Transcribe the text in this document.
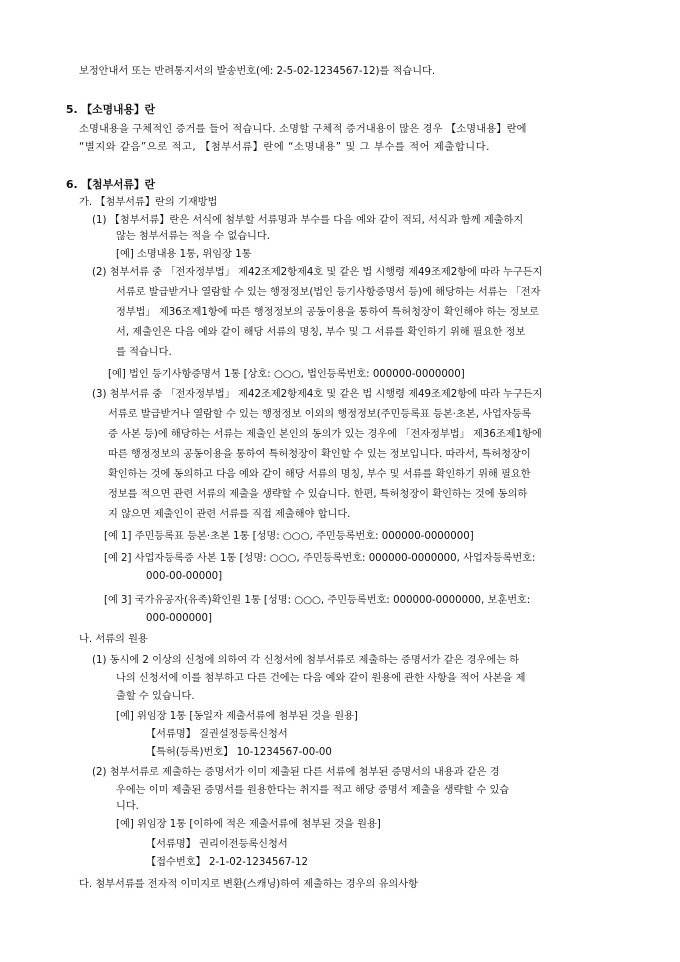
보정안내서 또는 반려통지서의 발송번호(예: 2-5-02-1234567-12)를 적습니다.
5. 【소명내용】란
소명내용을 구체적인 증거를 들어 적습니다. 소명할 구체적 증거내용이 많은 경우 【소명내용】란에
“별지와 같음”으로 적고, 【첨부서류】란에 “소명내용” 및 그 부수를 적어 제출합니다.
6. 【첨부서류】란
가. 【첨부서류】란의 기재방법
(1) 【첨부서류】란은 서식에 첨부할 서류명과 부수를 다음 예와 같이 적되, 서식과 함께 제출하지
않는 첨부서류는 적을 수 없습니다.
[예] 소명내용 1통, 위임장 1통
(2) 첨부서류 중 「전자정부법」 제42조제2항제4호 및 같은 법 시행령 제49조제2항에 따라 누구든지
서류로 발급받거나 열람할 수 있는 행정정보(법인 등기사항증명서 등)에 해당하는 서류는 「전자
정부법」 제36조제1항에 따른 행정정보의 공동이용을 통하여 특허청장이 확인해야 하는 정보로
서, 제출인은 다음 예와 같이 해당 서류의 명칭, 부수 및 그 서류를 확인하기 위해 필요한 정보
를 적습니다.
[예] 법인 등기사항증명서 1통 [상호: ○○○, 법인등록번호: 000000-0000000]
(3) 첨부서류 중 「전자정부법」 제42조제2항제4호 및 같은 법 시행령 제49조제2항에 따라 누구든지
서류로 발급받거나 열람할 수 있는 행정정보 이외의 행정정보(주민등록표 등본·초본, 사업자등록
증 사본 등)에 해당하는 서류는 제출인 본인의 동의가 있는 경우에 「전자정부법」 제36조제1항에
따른 행정정보의 공동이용을 통하여 특허청장이 확인할 수 있는 정보입니다. 따라서, 특허청장이
확인하는 것에 동의하고 다음 예와 같이 해당 서류의 명칭, 부수 및 서류를 확인하기 위해 필요한
정보를 적으면 관련 서류의 제출을 생략할 수 있습니다. 한편, 특허청장이 확인하는 것에 동의하
지 않으면 제출인이 관련 서류를 직접 제출해야 합니다.
[예 1] 주민등록표 등본·초본 1통 [성명: ○○○, 주민등록번호: 000000-0000000]
[예 2] 사업자등록증 사본 1통 [성명: ○○○, 주민등록번호: 000000-0000000, 사업자등록번호:
000-00-00000]
[예 3] 국가유공자(유족)확인원 1통 [성명: ○○○, 주민등록번호: 000000-0000000, 보훈번호:
000-000000]
나. 서류의 원용
(1) 동시에 2 이상의 신청에 의하여 각 신청서에 첨부서류로 제출하는 증명서가 같은 경우에는 하
나의 신청서에 이를 첨부하고 다른 건에는 다음 예와 같이 원용에 관한 사항을 적어 사본을 제
출할 수 있습니다.
[예] 위임장 1통 [동일자 제출서류에 첨부된 것을 원용]
【서류명】 질권설정등록신청서
【특허(등록)번호】 10-1234567-00-00
(2) 첨부서류로 제출하는 증명서가 이미 제출된 다른 서류에 첨부된 증명서의 내용과 같은 경
우에는 이미 제출된 증명서를 원용한다는 취지를 적고 해당 증명서 제출을 생략할 수 있습
니다.
[예] 위임장 1통 [이하에 적은 제출서류에 첨부된 것을 원용]
【서류명】 권리이전등록신청서
【접수번호】 2-1-02-1234567-12
다. 첨부서류를 전자적 이미지로 변환(스캐닝)하여 제출하는 경우의 유의사항
